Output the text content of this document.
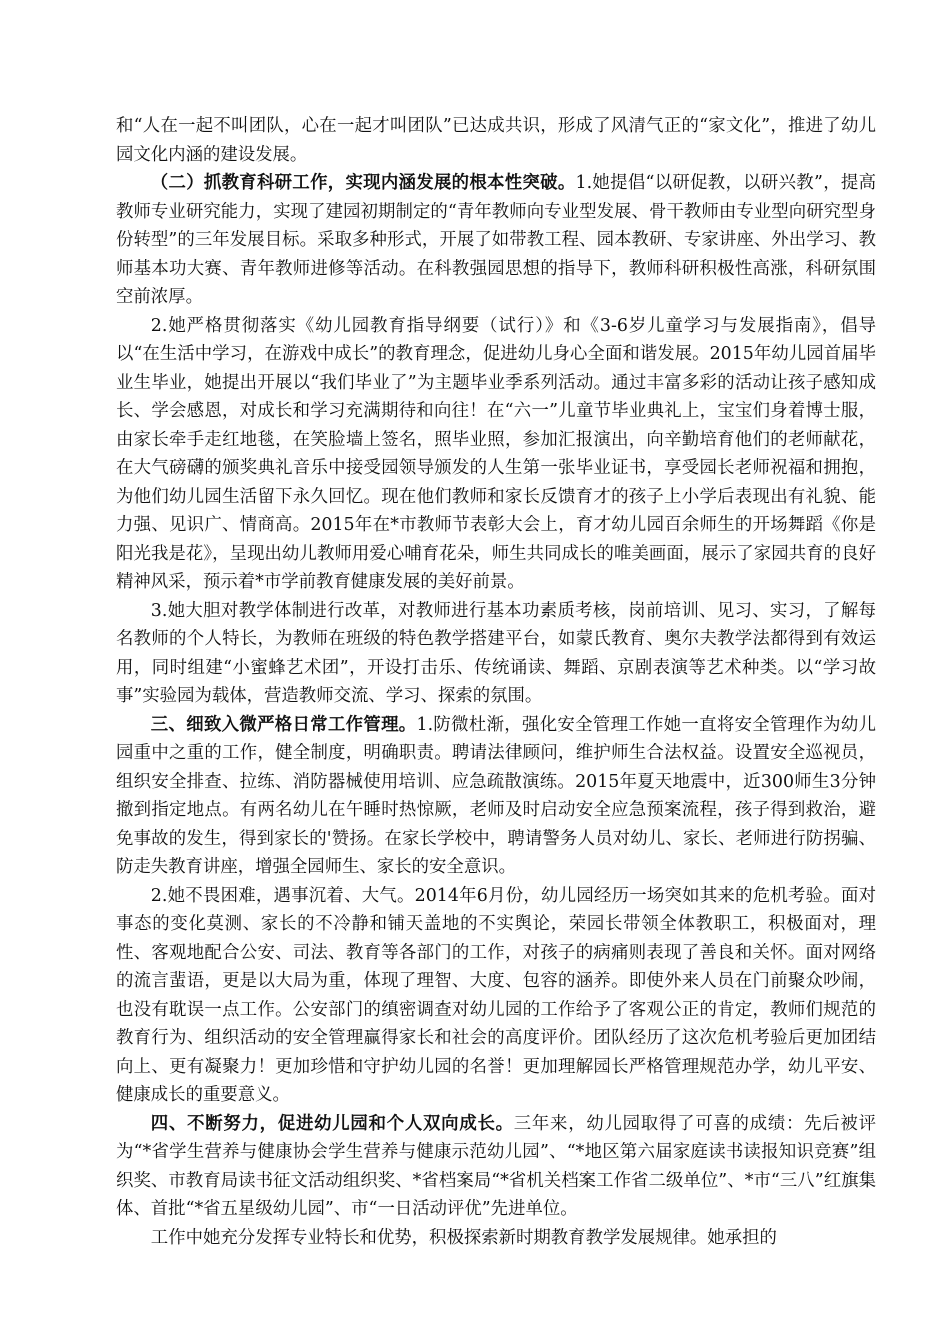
和“人在一起不叫团队，心在一起才叫团队”已达成共识，形成了风清气正的“家文化”，推进了幼儿园文化内涵的建设发展。

（二）抓教育科研工作，实现内涵发展的根本性突破。1.她提倡“以研促教，以研兴教”，提高教师专业研究能力，实现了建园初期制定的“青年教师向专业型发展、骨干教师由专业型向研究型身份转型”的三年发展目标。采取多种形式，开展了如带教工程、园本教研、专家讲座、外出学习、教师基本功大赛、青年教师进修等活动。在科教强园思想的指导下，教师科研积极性高涨，科研氛围空前浓厚。

2.她严格贯彻落实《幼儿园教育指导纲要（试行）》和《3-6岁儿童学习与发展指南》，倡导以“在生活中学习，在游戏中成长”的教育理念，促进幼儿身心全面和谐发展。2015年幼儿园首届毕业生毕业，她提出开展以“我们毕业了”为主题毕业季系列活动。通过丰富多彩的活动让孩子感知成长、学会感恩，对成长和学习充满期待和向往！在“六一”儿童节毕业典礼上，宝宝们身着博士服，由家长牵手走红地毯，在笑脸墙上签名，照毕业照，参加汇报演出，向辛勤培育他们的老师献花，在大气磅礴的颁奖典礼音乐中接受园领导颁发的人生第一张毕业证书，享受园长老师祝福和拥抱，为他们幼儿园生活留下永久回忆。现在他们教师和家长反馈育才的孩子上小学后表现出有礼貌、能力强、见识广、情商高。2015年在*市教师节表彰大会上，育才幼儿园百余师生的开场舞蹈《你是阳光我是花》，呈现出幼儿教师用爱心哺育花朵，师生共同成长的唯美画面，展示了家园共育的良好精神风采，预示着*市学前教育健康发展的美好前景。

3.她大胆对教学体制进行改革，对教师进行基本功素质考核，岗前培训、见习、实习，了解每名教师的个人特长，为教师在班级的特色教学搭建平台，如蒙氏教育、奥尔夫教学法都得到有效运用，同时组建“小蜜蜂艺术团”，开设打击乐、传统诵读、舞蹈、京剧表演等艺术种类。以“学习故事”实验园为载体，营造教师交流、学习、探索的氛围。

三、细致入微严格日常工作管理。1.防微杜渐，强化安全管理工作她一直将安全管理作为幼儿园重中之重的工作，健全制度，明确职责。聘请法律顾问，维护师生合法权益。设置安全巡视员，组织安全排查、拉练、消防器械使用培训、应急疏散演练。2015年夏天地震中，近300师生3分钟撤到指定地点。有两名幼儿在午睡时热惊厥，老师及时启动安全应急预案流程，孩子得到救治，避免事故的发生，得到家长的'赞扬。在家长学校中，聘请警务人员对幼儿、家长、老师进行防拐骗、防走失教育讲座，增强全园师生、家长的安全意识。

2.她不畏困难，遇事沉着、大气。2014年6月份，幼儿园经历一场突如其来的危机考验。面对事态的变化莫测、家长的不冷静和铺天盖地的不实舆论，荣园长带领全体教职工，积极面对，理性、客观地配合公安、司法、教育等各部门的工作，对孩子的病痛则表现了善良和关怀。面对网络的流言蜚语，更是以大局为重，体现了理智、大度、包容的涵养。即使外来人员在门前聚众吵闹，也没有耽误一点工作。公安部门的缜密调查对幼儿园的工作给予了客观公正的肯定，教师们规范的教育行为、组织活动的安全管理赢得家长和社会的高度评价。团队经历了这次危机考验后更加团结向上、更有凝聚力！更加珍惜和守护幼儿园的名誉！更加理解园长严格管理规范办学，幼儿平安、健康成长的重要意义。

四、不断努力，促进幼儿园和个人双向成长。三年来，幼儿园取得了可喜的成绩：先后被评为“*省学生营养与健康协会学生营养与健康示范幼儿园”、“*地区第六届家庭读书读报知识竞赛”组织奖、市教育局读书征文活动组织奖、*省档案局“*省机关档案工作省二级单位”、*市“三八”红旗集体、首批“*省五星级幼儿园”、市“一日活动评优”先进单位。

工作中她充分发挥专业特长和优势，积极探索新时期教育教学发展规律。她承担的
